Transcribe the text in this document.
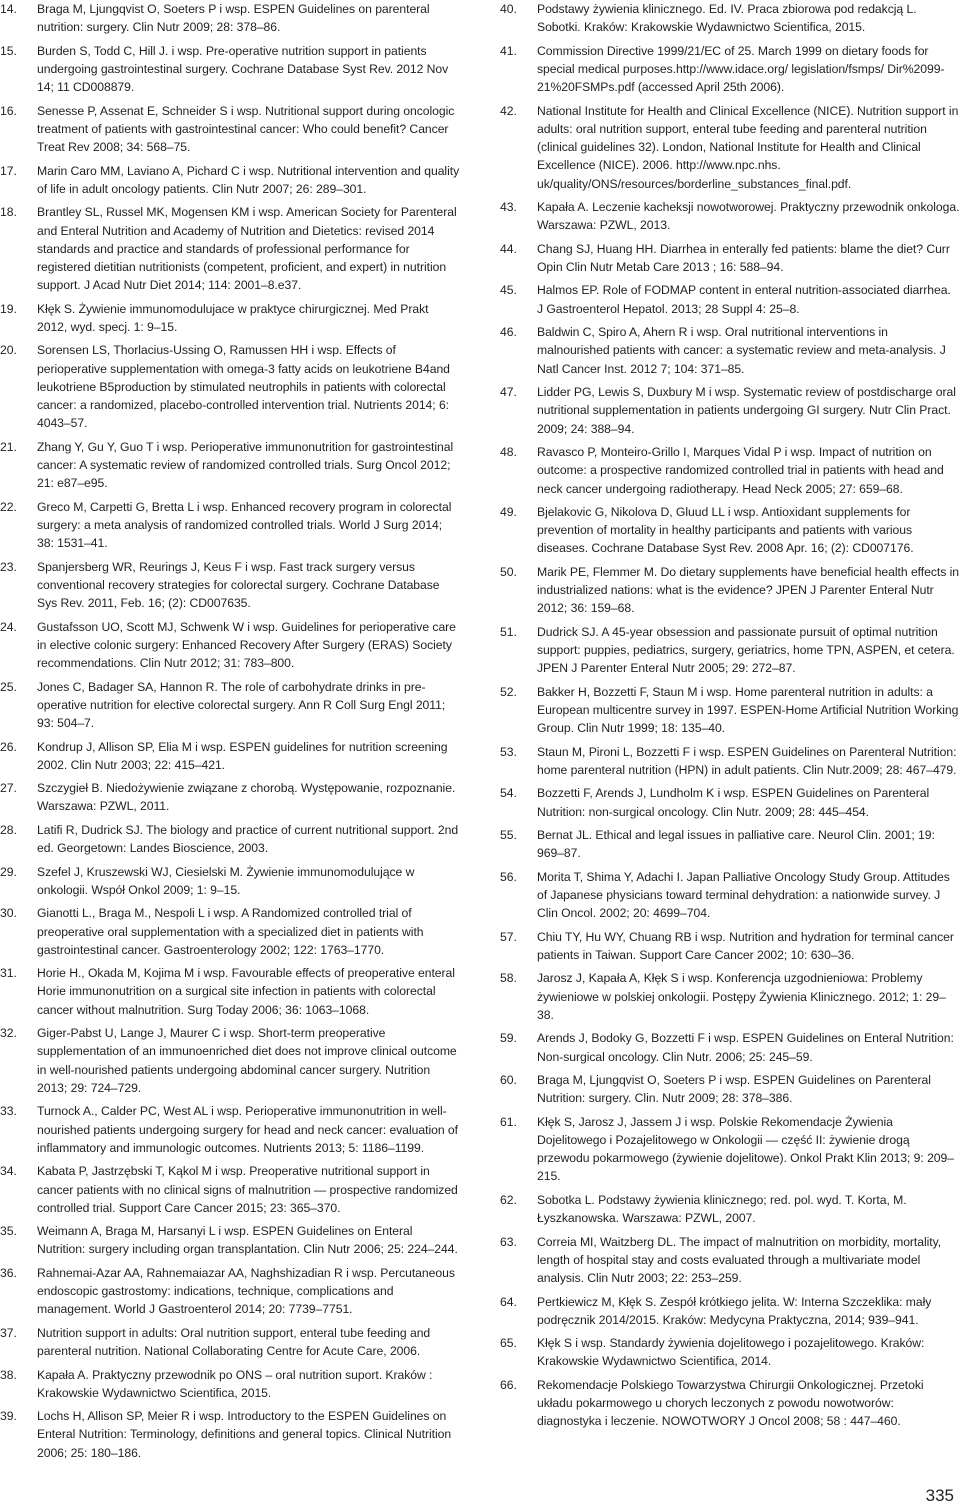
14. Braga M, Ljungqvist O, Soeters P i wsp. ESPEN Guidelines on parenteral nutrition: surgery. Clin Nutr 2009; 28: 378–86.
15. Burden S, Todd C, Hill J. i wsp. Pre-operative nutrition support in patients undergoing gastrointestinal surgery. Cochrane Database Syst Rev. 2012 Nov 14; 11 CD008879.
16. Senesse P, Assenat E, Schneider S i wsp. Nutritional support during oncologic treatment of patients with gastrointestinal cancer: Who could benefit? Cancer Treat Rev 2008; 34: 568–75.
17. Marin Caro MM, Laviano A, Pichard C i wsp. Nutritional intervention and quality of life in adult oncology patients. Clin Nutr 2007; 26: 289–301.
18. Brantley SL, Russel MK, Mogensen KM i wsp. American Society for Parenteral and Enteral Nutrition and Academy of Nutrition and Dietetics: revised 2014 standards and practice and standards of professional performance for registered dietitian nutritionists (competent, proficient, and expert) in nutrition support. J Acad Nutr Diet 2014; 114: 2001–8.e37.
19. Kłęk S. Żywienie immunomodulujace w praktyce chirurgicznej. Med Prakt 2012, wyd. specj. 1: 9–15.
20. Sorensen LS, Thorlacius-Ussing O, Ramussen HH i wsp. Effects of perioperative supplementation with omega-3 fatty acids on leukotriene B4and leukotriene B5production by stimulated neutrophils in patients with colorectal cancer: a randomized, placebo-controlled intervention trial. Nutrients 2014; 6: 4043–57.
21. Zhang Y, Gu Y, Guo T i wsp. Perioperative immunonutrition for gastrointestinal cancer: A systematic review of randomized controlled trials. Surg Oncol 2012; 21: e87–e95.
22. Greco M, Carpetti G, Bretta L i wsp. Enhanced recovery program in colorectal surgery: a meta analysis of randomized controlled trials. World J Surg 2014; 38: 1531–41.
23. Spanjersberg WR, Reurings J, Keus F i wsp. Fast track surgery versus conventional recovery strategies for colorectal surgery. Cochrane Database Sys Rev. 2011, Feb. 16; (2): CD007635.
24. Gustafsson UO, Scott MJ, Schwenk W i wsp. Guidelines for perioperative care in elective colonic surgery: Enhanced Recovery After Surgery (ERAS) Society recommendations. Clin Nutr 2012; 31: 783–800.
25. Jones C, Badager SA, Hannon R. The role of carbohydrate drinks in pre-operative nutrition for elective colorectal surgery. Ann R Coll Surg Engl 2011; 93: 504–7.
26. Kondrup J, Allison SP, Elia M i wsp. ESPEN guidelines for nutrition screening 2002. Clin Nutr 2003; 22: 415–421.
27. Szczygieł B. Niedożywienie związane z chorobą. Występowanie, rozpoznanie. Warszawa: PZWL, 2011.
28. Latifi R, Dudrick SJ. The biology and practice of current nutritional support. 2nd ed. Georgetown: Landes Bioscience, 2003.
29. Szefel J, Kruszewski WJ, Ciesielski M. Żywienie immunomodulujące w onkologii. Współ Onkol 2009; 1: 9–15.
30. Gianotti L., Braga M., Nespoli L i wsp. A Randomized controlled trial of preoperative oral supplementation with a specialized diet in patients with gastrointestinal cancer. Gastroenterology 2002; 122: 1763–1770.
31. Horie H., Okada M, Kojima M i wsp. Favourable effects of preoperative enteral Horie immunonutrition on a surgical site infection in patients with colorectal cancer without malnutrition. Surg Today 2006; 36: 1063–1068.
32. Giger-Pabst U, Lange J, Maurer C i wsp. Short-term preoperative supplementation of an immunoenriched diet does not improve clinical outcome in well-nourished patients undergoing abdominal cancer surgery. Nutrition 2013; 29: 724–729.
33. Turnock A., Calder PC, West AL i wsp. Perioperative immunonutrition in well-nourished patients undergoing surgery for head and neck cancer: evaluation of inflammatory and immunologic outcomes. Nutrients 2013; 5: 1186–1199.
34. Kabata P, Jastrzębski T, Kąkol M i wsp. Preoperative nutritional support in cancer patients with no clinical signs of malnutrition — prospective randomized controlled trial. Support Care Cancer 2015; 23: 365–370.
35. Weimann A, Braga M, Harsanyi L i wsp. ESPEN Guidelines on Enteral Nutrition: surgery including organ transplantation. Clin Nutr 2006; 25: 224–244.
36. Rahnemai-Azar AA, Rahnemaiazar AA, Naghshizadian R i wsp. Percutaneous endoscopic gastrostomy: indications, technique, complications and management. World J Gastroenterol 2014; 20: 7739–7751.
37. Nutrition support in adults: Oral nutrition support, enteral tube feeding and parenteral nutrition. National Collaborating Centre for Acute Care, 2006.
38. Kapała A. Praktyczny przewodnik po ONS – oral nutrition suport. Kraków : Krakowskie Wydawnictwo Scientifica, 2015.
39. Lochs H, Allison SP, Meier R i wsp. Introductory to the ESPEN Guidelines on Enteral Nutrition: Terminology, definitions and general topics. Clinical Nutrition 2006; 25: 180–186.
40. Podstawy żywienia klinicznego. Ed. IV. Praca zbiorowa pod redakcją L. Sobotki. Kraków: Krakowskie Wydawnictwo Scientifica, 2015.
41. Commission Directive 1999/21/EC of 25. March 1999 on dietary foods for special medical purposes.http://www.idace.org/ legislation/fsmps/ Dir%2099-21%20FSMPs.pdf (accessed April 25th 2006).
42. National Institute for Health and Clinical Excellence (NICE). Nutrition support in adults: oral nutrition support, enteral tube feeding and parenteral nutrition (clinical guidelines 32). London, National Institute for Health and Clinical Excellence (NICE). 2006. http://www.npc.nhs. uk/quality/ONS/resources/borderline_substances_final.pdf.
43. Kapała A. Leczenie kacheksji nowotworowej. Praktyczny przewodnik onkologa. Warszawa: PZWL, 2013.
44. Chang SJ, Huang HH. Diarrhea in enterally fed patients: blame the diet? Curr Opin Clin Nutr Metab Care 2013 ; 16: 588–94.
45. Halmos EP. Role of FODMAP content in enteral nutrition-associated diarrhea. J Gastroenterol Hepatol. 2013; 28 Suppl 4: 25–8.
46. Baldwin C, Spiro A, Ahern R i wsp. Oral nutritional interventions in malnourished patients with cancer: a systematic review and meta-analysis. J Natl Cancer Inst. 2012 7; 104: 371–85.
47. Lidder PG, Lewis S, Duxbury M i wsp. Systematic review of postdischarge oral nutritional supplementation in patients undergoing GI surgery. Nutr Clin Pract. 2009; 24: 388–94.
48. Ravasco P, Monteiro-Grillo I, Marques Vidal P i wsp. Impact of nutrition on outcome: a prospective randomized controlled trial in patients with head and neck cancer undergoing radiotherapy. Head Neck 2005; 27: 659–68.
49. Bjelakovic G, Nikolova D, Gluud LL i wsp. Antioxidant supplements for prevention of mortality in healthy participants and patients with various diseases. Cochrane Database Syst Rev. 2008 Apr. 16; (2): CD007176.
50. Marik PE, Flemmer M. Do dietary supplements have beneficial health effects in industrialized nations: what is the evidence? JPEN J Parenter Enteral Nutr 2012; 36: 159–68.
51. Dudrick SJ. A 45-year obsession and passionate pursuit of optimal nutrition support: puppies, pediatrics, surgery, geriatrics, home TPN, ASPEN, et cetera. JPEN J Parenter Enteral Nutr 2005; 29: 272–87.
52. Bakker H, Bozzetti F, Staun M i wsp. Home parenteral nutrition in adults: a European multicentre survey in 1997. ESPEN-Home Artificial Nutrition Working Group. Clin Nutr 1999; 18: 135–40.
53. Staun M, Pironi L, Bozzetti F i wsp. ESPEN Guidelines on Parenteral Nutrition: home parenteral nutrition (HPN) in adult patients. Clin Nutr.2009; 28: 467–479.
54. Bozzetti F, Arends J, Lundholm K i wsp. ESPEN Guidelines on Parenteral Nutrition: non-surgical oncology. Clin Nutr. 2009; 28: 445–454.
55. Bernat JL. Ethical and legal issues in palliative care. Neurol Clin. 2001; 19: 969–87.
56. Morita T, Shima Y, Adachi I. Japan Palliative Oncology Study Group. Attitudes of Japanese physicians toward terminal dehydration: a nationwide survey. J Clin Oncol. 2002; 20: 4699–704.
57. Chiu TY, Hu WY, Chuang RB i wsp. Nutrition and hydration for terminal cancer patients in Taiwan. Support Care Cancer 2002; 10: 630–36.
58. Jarosz J, Kapała A, Kłęk S i wsp. Konferencja uzgodnieniowa: Problemy żywieniowe w polskiej onkologii. Postępy Żywienia Klinicznego. 2012; 1: 29–38.
59. Arends J, Bodoky G, Bozzetti F i wsp. ESPEN Guidelines on Enteral Nutrition: Non-surgical oncology. Clin Nutr. 2006; 25: 245–59.
60. Braga M, Ljungqvist O, Soeters P i wsp. ESPEN Guidelines on Parenteral Nutrition: surgery. Clin. Nutr 2009; 28: 378–386.
61. Kłęk S, Jarosz J, Jassem J i wsp. Polskie Rekomendacje Żywienia Dojelitowego i Pozajelitowego w Onkologii — część II: żywienie drogą przewodu pokarmowego (żywienie dojelitowe). Onkol Prakt Klin 2013; 9: 209–215.
62. Sobotka L. Podstawy żywienia klinicznego; red. pol. wyd. T. Korta, M. Łyszkanowska. Warszawa: PZWL, 2007.
63. Correia MI, Waitzberg DL. The impact of malnutrition on morbidity, mortality, length of hospital stay and costs evaluated through a multivariate model analysis. Clin Nutr 2003; 22: 253–259.
64. Pertkiewicz M, Kłęk S. Zespół krótkiego jelita. W: Interna Szczeklika: mały podręcznik 2014/2015. Kraków: Medycyna Praktyczna, 2014; 939–941.
65. Kłęk S i wsp. Standardy żywienia dojelitowego i pozajelitowego. Kraków: Krakowskie Wydawnictwo Scientifica, 2014.
66. Rekomendacje Polskiego Towarzystwa Chirurgii Onkologicznej. Przetoki układu pokarmowego u chorych leczonych z powodu nowotworów: diagnostyka i leczenie. NOWOTWORY J Oncol 2008; 58 : 447–460.
335
